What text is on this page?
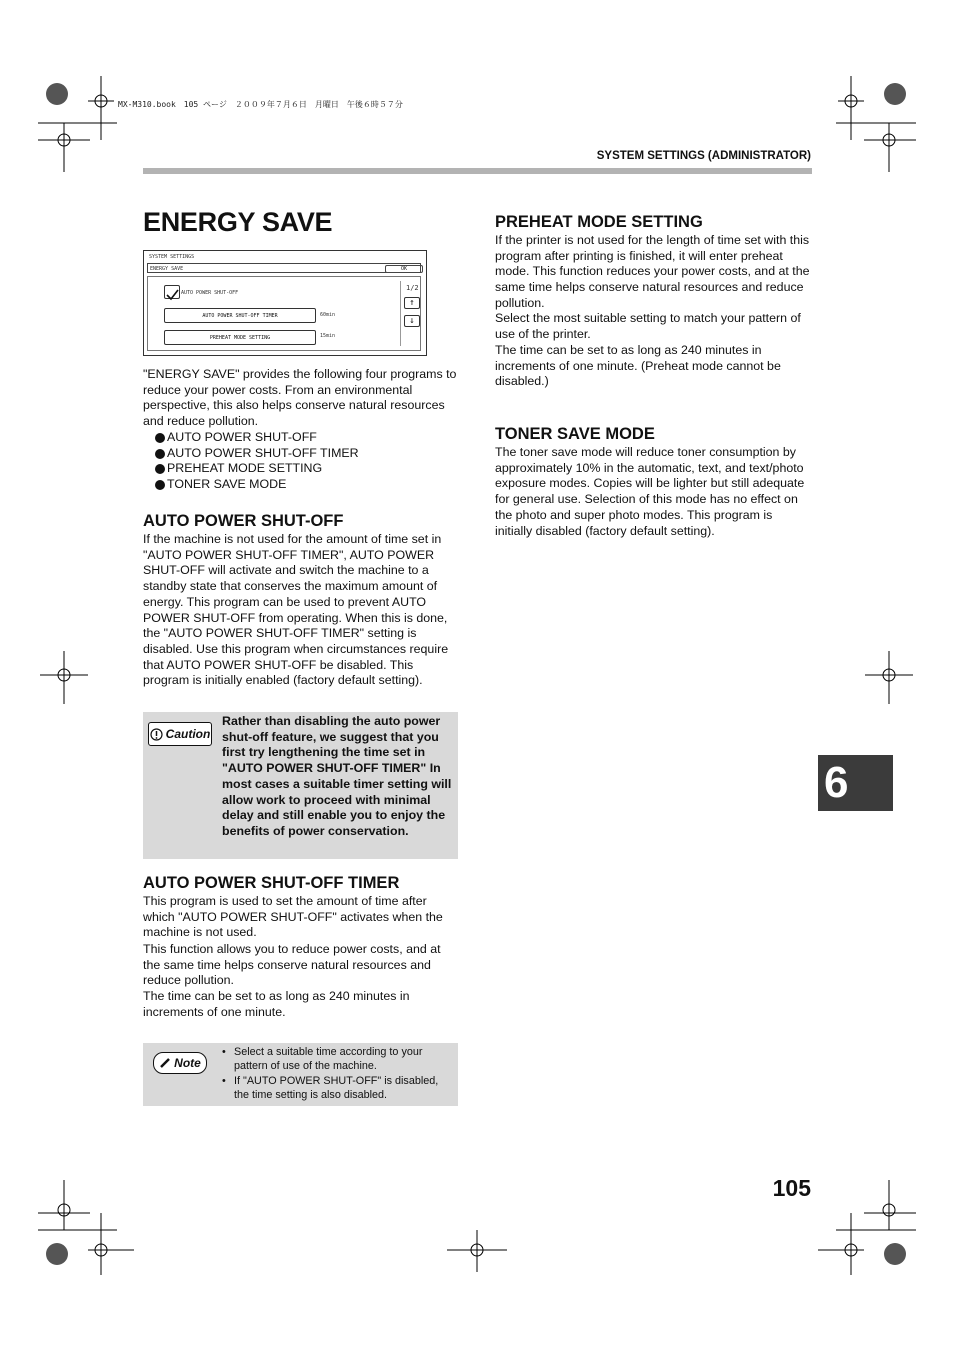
MX-M310.book　105 ページ　２００９年７月６日　月曜日　午後６時５７分
SYSTEM SETTINGS (ADMINISTRATOR)
ENERGY SAVE
SYSTEM SETTINGS
ENERGY SAVE	OK
AUTO POWER SHUT-OFF
AUTO POWER SHUT-OFF TIMER	60min
PREHEAT MODE SETTING	15min
1/2
↑
↓

"ENERGY SAVE" provides the following four programs to reduce your power costs. From an environmental perspective, this also helps conserve natural resources and reduce pollution.

AUTO POWER SHUT-OFF
AUTO POWER SHUT-OFF TIMER
PREHEAT MODE SETTING
TONER SAVE MODE
AUTO POWER SHUT-OFF

If the machine is not used for the amount of time set in "AUTO POWER SHUT-OFF TIMER", AUTO POWER SHUT-OFF will activate and switch the machine to a standby state that conserves the maximum amount of energy. This program can be used to prevent AUTO POWER SHUT-OFF from operating. When this is done, the "AUTO POWER SHUT-OFF TIMER" setting is disabled. Use this program when circumstances require that AUTO POWER SHUT-OFF be disabled. This program is initially enabled (factory default setting).

Caution

Rather than disabling the auto power shut-off feature, we suggest that you first try lengthening the time set in "AUTO POWER SHUT-OFF TIMER" In most cases a suitable timer setting will allow work to proceed with minimal delay and still enable you to enjoy the benefits of power conservation.

AUTO POWER SHUT-OFF TIMER

This program is used to set the amount of time after which "AUTO POWER SHUT-OFF" activates when the machine is not used.

This function allows you to reduce power costs, and at the same time helps conserve natural resources and reduce pollution.

The time can be set to as long as 240 minutes in increments of one minute.

Note
• Select a suitable time according to your pattern of use of the machine.
• If "AUTO POWER SHUT-OFF" is disabled, the time setting is also disabled.
PREHEAT MODE SETTING

If the printer is not used for the length of time set with this program after printing is finished, it will enter preheat mode. This function reduces your power costs, and at the same time helps conserve natural resources and reduce pollution.

Select the most suitable setting to match your pattern of use of the printer.

The time can be set to as long as 240 minutes in increments of one minute. (Preheat mode cannot be disabled.)

TONER SAVE MODE

The toner save mode will reduce toner consumption by approximately 10% in the automatic, text, and text/photo exposure modes. Copies will be lighter but still adequate for general use. Selection of this mode has no effect on the photo and super photo modes. This program is initially disabled (factory default setting).

6
105
